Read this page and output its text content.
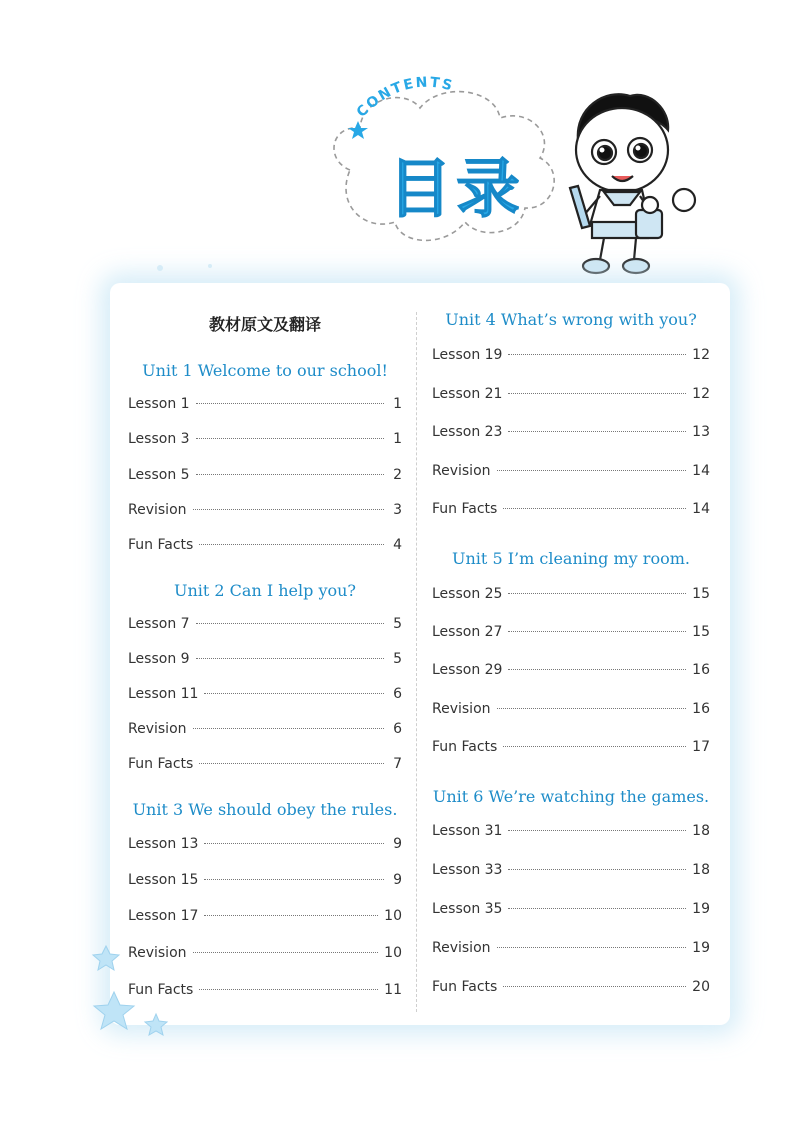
CONTENTS
目录
教材原文及翻译
Unit 1 Welcome to our school!
Lesson 1	1
Lesson 3	1
Lesson 5	2
Revision	3
Fun Facts	4
Unit 2 Can I help you?
Lesson 7	5
Lesson 9	5
Lesson 11	6
Revision	6
Fun Facts	7
Unit 3 We should obey the rules.
Lesson 13	9
Lesson 15	9
Lesson 17	10
Revision	10
Fun Facts	11
Unit 4 What’s wrong with you?
Lesson 19	12
Lesson 21	12
Lesson 23	13
Revision	14
Fun Facts	14
Unit 5 I’m cleaning my room.
Lesson 25	15
Lesson 27	15
Lesson 29	16
Revision	16
Fun Facts	17
Unit 6 We’re watching the games.
Lesson 31	18
Lesson 33	18
Lesson 35	19
Revision	19
Fun Facts	20
